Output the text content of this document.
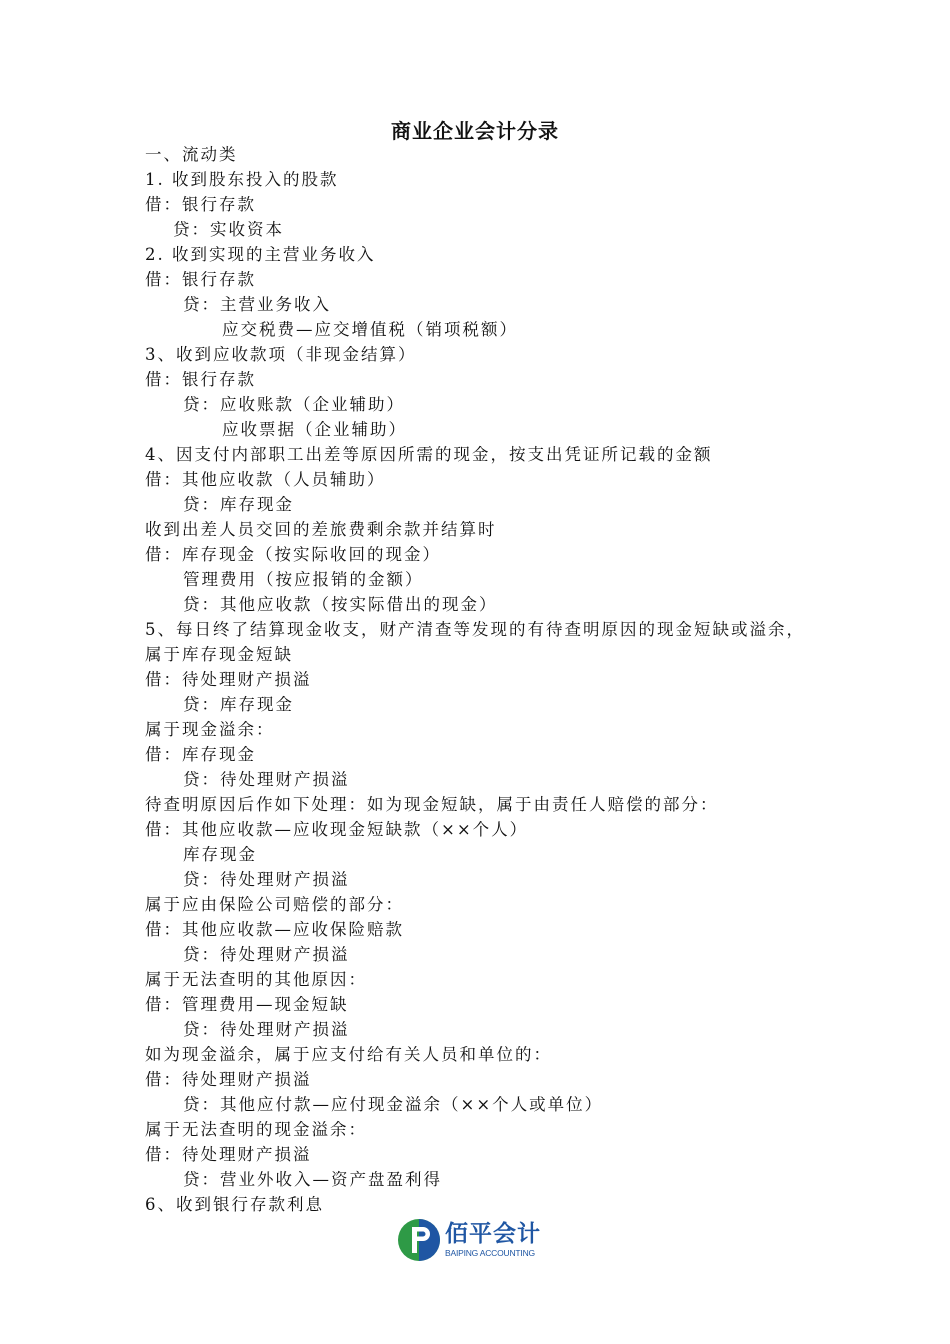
商业企业会计分录
一、流动类
1. 收到股东投入的股款
借：银行存款
贷：实收资本
2. 收到实现的主营业务收入
借：银行存款
贷：主营业务收入
应交税费—应交增值税（销项税额）
3、收到应收款项（非现金结算）
借：银行存款
贷：应收账款（企业辅助）
应收票据（企业辅助）
4、因支付内部职工出差等原因所需的现金，按支出凭证所记载的金额
借：其他应收款（人员辅助）
贷：库存现金
收到出差人员交回的差旅费剩余款并结算时
借：库存现金（按实际收回的现金）
管理费用（按应报销的金额）
贷：其他应收款（按实际借出的现金）
5、每日终了结算现金收支，财产清查等发现的有待查明原因的现金短缺或溢余，
属于库存现金短缺
借：待处理财产损溢
贷：库存现金
属于现金溢余：
借：库存现金
贷：待处理财产损溢
待查明原因后作如下处理：如为现金短缺，属于由责任人赔偿的部分：
借：其他应收款—应收现金短缺款（××个人）
库存现金
贷：待处理财产损溢
属于应由保险公司赔偿的部分：
借：其他应收款—应收保险赔款
贷：待处理财产损溢
属于无法查明的其他原因：
借：管理费用—现金短缺
贷：待处理财产损溢
如为现金溢余，属于应支付给有关人员和单位的：
借：待处理财产损溢
贷：其他应付款—应付现金溢余（××个人或单位）
属于无法查明的现金溢余：
借：待处理财产损溢
贷：营业外收入—资产盘盈利得
6、收到银行存款利息
佰平会计
BAIPING ACCOUNTING
